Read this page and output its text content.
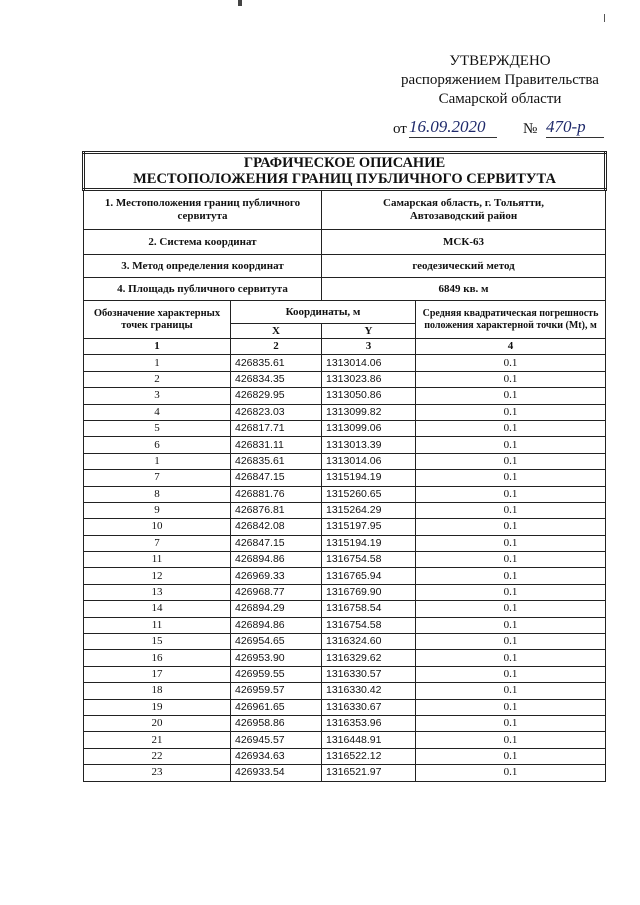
УТВЕРЖДЕНО
распоряжением Правительства
Самарской области
от 16.09.2020	№ 470-р
ГРАФИЧЕСКОЕ ОПИСАНИЕ
МЕСТОПОЛОЖЕНИЯ ГРАНИЦ ПУБЛИЧНОГО СЕРВИТУТА			

1. Местоположения границ публичного сервитута		Самарская область, г. Тольятти, Автозаводский район	
2. Система координат		МСК-63	
3. Метод определения координат		геодезический метод	
4. Площадь публичного сервитута		6849 кв. м	
Обозначение характерных точек границы	Координаты, м		Средняя квадратическая погрешность положения характерной точки (Mt), м
	X	Y	
1	2	3	4
1	426835.61	1313014.06	0.1
2	426834.35	1313023.86	0.1
3	426829.95	1313050.86	0.1
4	426823.03	1313099.82	0.1
5	426817.71	1313099.06	0.1
6	426831.11	1313013.39	0.1
1	426835.61	1313014.06	0.1
7	426847.15	1315194.19	0.1
8	426881.76	1315260.65	0.1
9	426876.81	1315264.29	0.1
10	426842.08	1315197.95	0.1
7	426847.15	1315194.19	0.1
11	426894.86	1316754.58	0.1
12	426969.33	1316765.94	0.1
13	426968.77	1316769.90	0.1
14	426894.29	1316758.54	0.1
11	426894.86	1316754.58	0.1
15	426954.65	1316324.60	0.1
16	426953.90	1316329.62	0.1
17	426959.55	1316330.57	0.1
18	426959.57	1316330.42	0.1
19	426961.65	1316330.67	0.1
20	426958.86	1316353.96	0.1
21	426945.57	1316448.91	0.1
22	426934.63	1316522.12	0.1
23	426933.54	1316521.97	0.1
